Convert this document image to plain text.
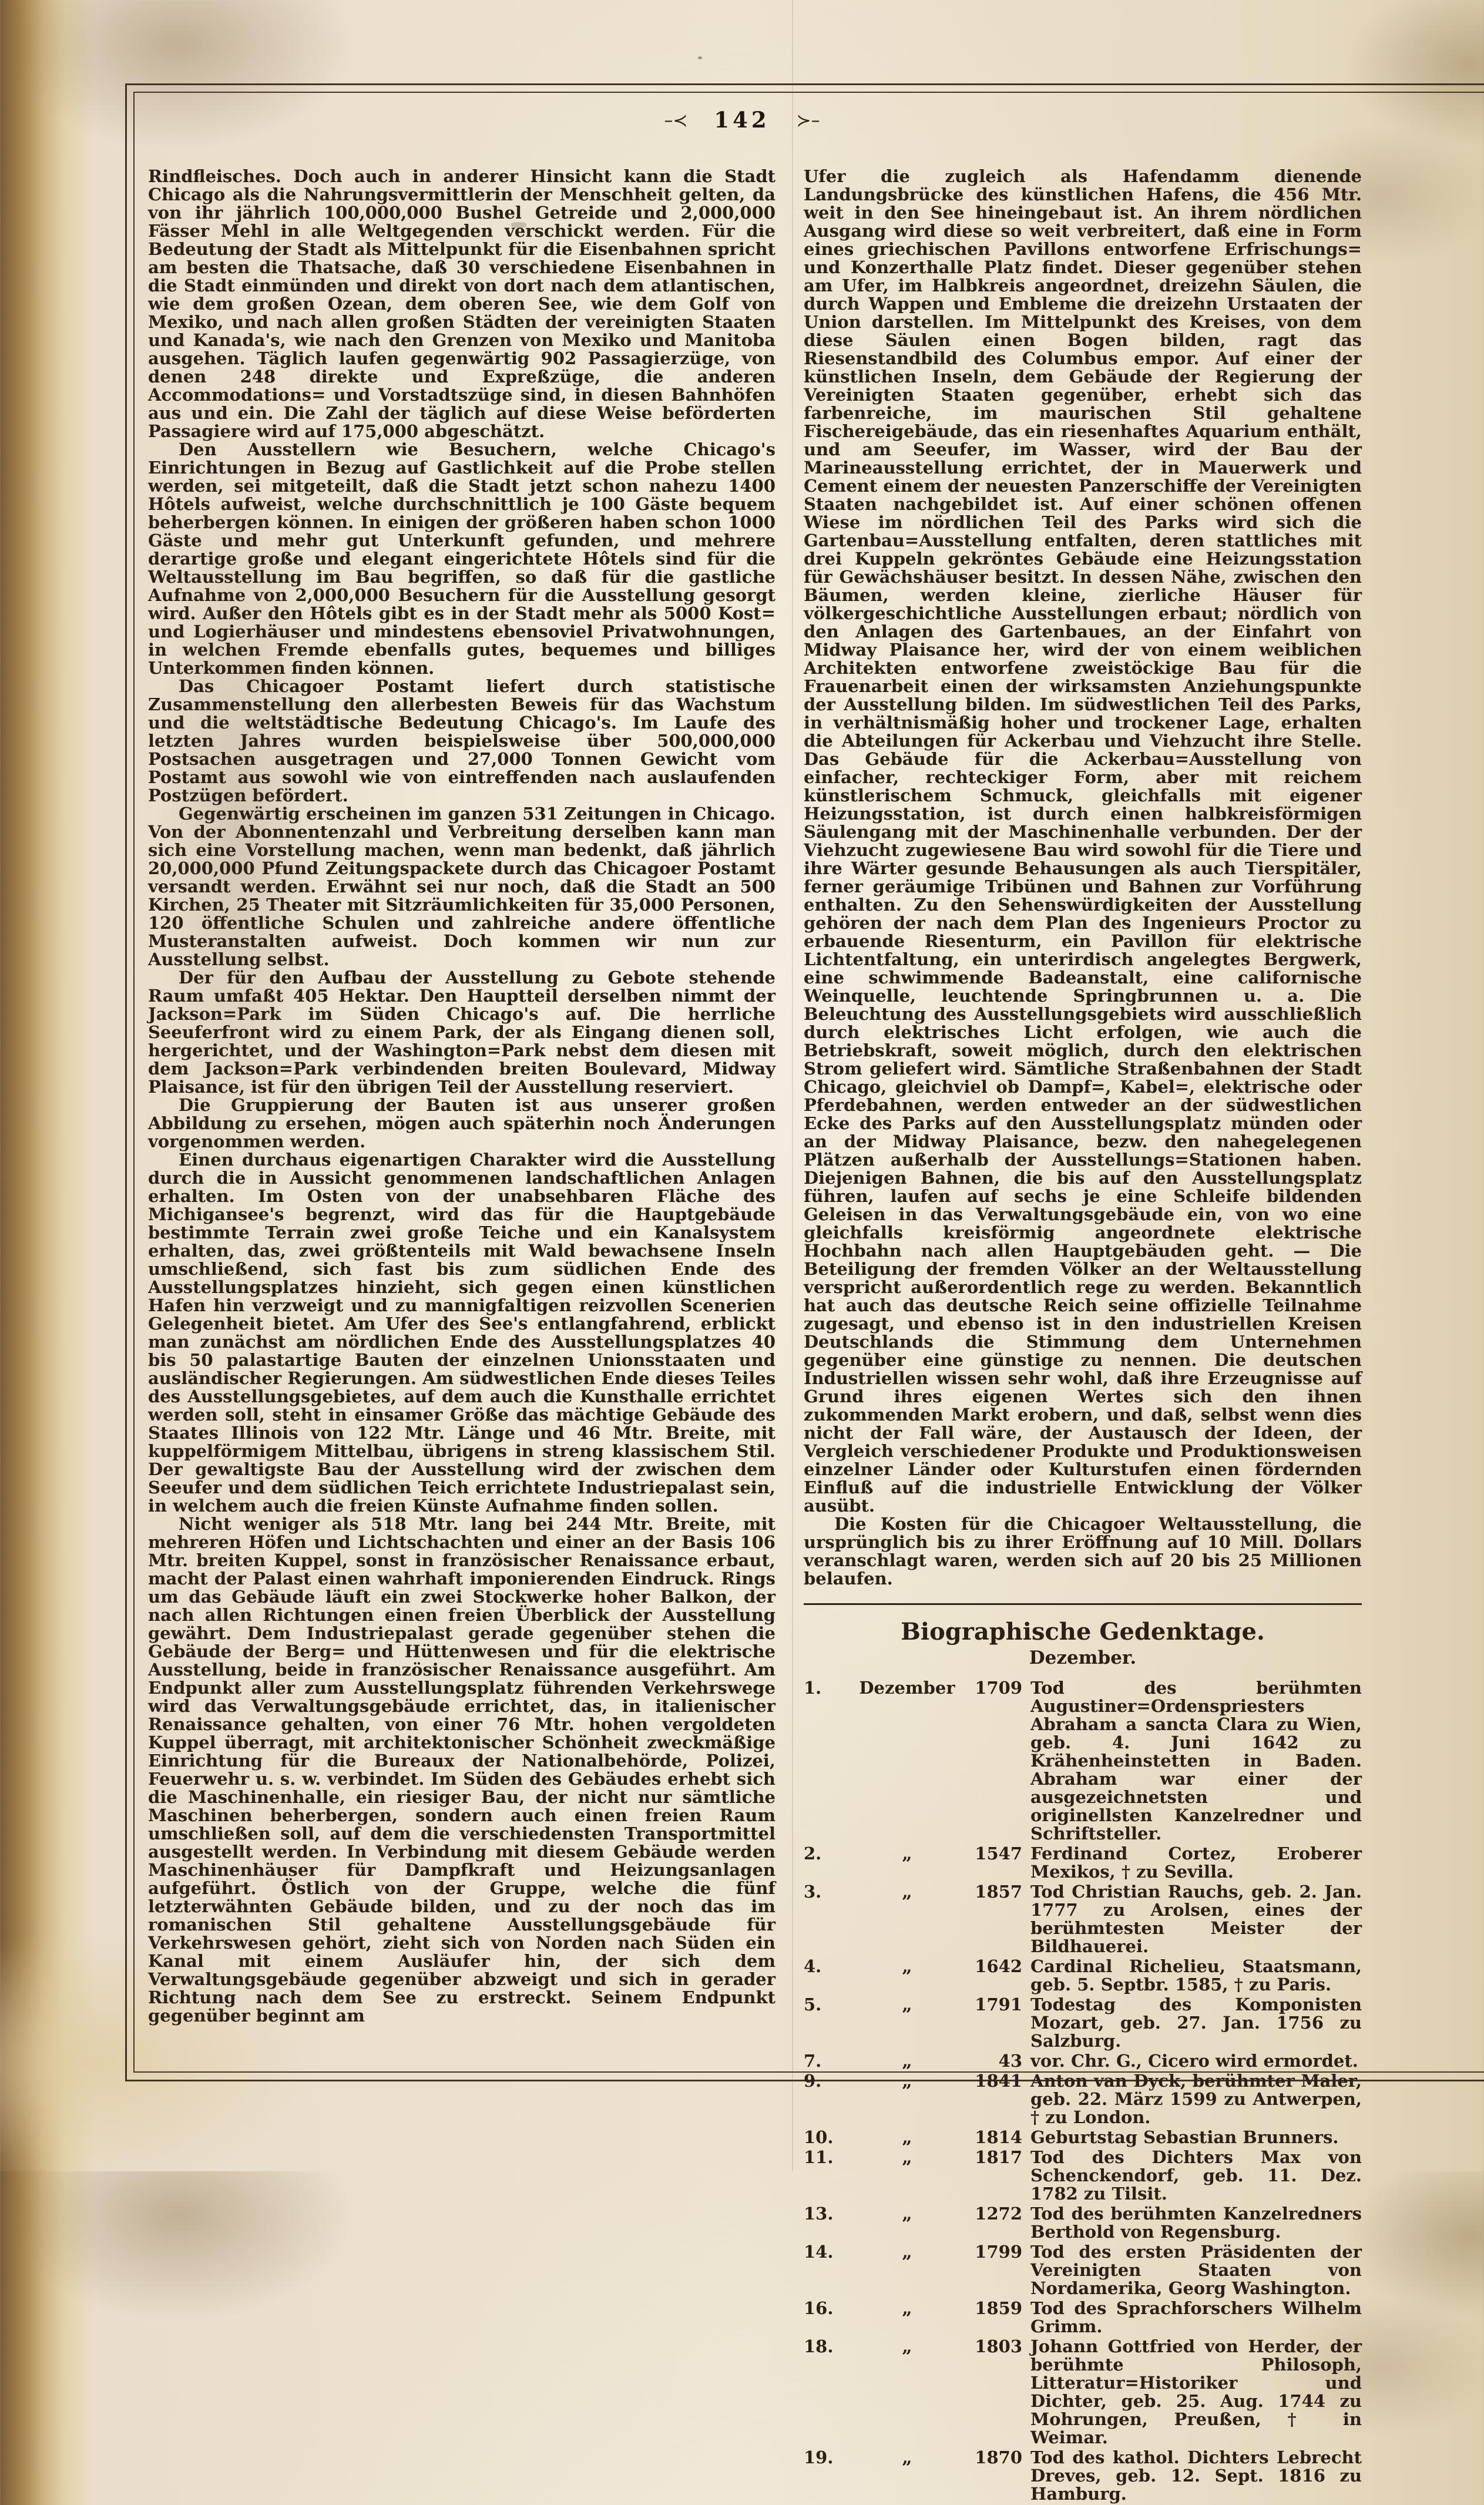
–≺ 142 ≻–

Rindfleisches. Doch auch in anderer Hinsicht kann die Stadt Chicago als die Nahrungsvermittlerin der Menschheit gelten, da von ihr jährlich 100,000,000 Bushel Getreide und 2,000,000 Fässer Mehl in alle Weltgegenden verschickt werden. Für die Bedeutung der Stadt als Mittelpunkt für die Eisenbahnen spricht am besten die Thatsache, daß 30 verschiedene Eisenbahnen in die Stadt einmünden und direkt von dort nach dem atlantischen, wie dem großen Ozean, dem oberen See, wie dem Golf von Mexiko, und nach allen großen Städten der vereinigten Staaten und Kanada's, wie nach den Grenzen von Mexiko und Manitoba ausgehen. Täglich laufen gegenwärtig 902 Passagierzüge, von denen 248 direkte und Expreßzüge, die anderen Accommodations= und Vorstadtszüge sind, in diesen Bahnhöfen aus und ein. Die Zahl der täglich auf diese Weise beförderten Passagiere wird auf 175,000 abgeschätzt.

Den Ausstellern wie Besuchern, welche Chicago's Einrichtungen in Bezug auf Gastlichkeit auf die Probe stellen werden, sei mitgeteilt, daß die Stadt jetzt schon nahezu 1400 Hôtels aufweist, welche durchschnittlich je 100 Gäste bequem beherbergen können. In einigen der größeren haben schon 1000 Gäste und mehr gut Unterkunft gefunden, und mehrere derartige große und elegant eingerichtete Hôtels sind für die Weltausstellung im Bau begriffen, so daß für die gastliche Aufnahme von 2,000,000 Besuchern für die Ausstellung gesorgt wird. Außer den Hôtels gibt es in der Stadt mehr als 5000 Kost= und Logierhäuser und mindestens ebensoviel Privatwohnungen, in welchen Fremde ebenfalls gutes, bequemes und billiges Unterkommen finden können.

Das Chicagoer Postamt liefert durch statistische Zusammenstellung den allerbesten Beweis für das Wachstum und die weltstädtische Bedeutung Chicago's. Im Laufe des letzten Jahres wurden beispielsweise über 500,000,000 Postsachen ausgetragen und 27,000 Tonnen Gewicht vom Postamt aus sowohl wie von eintreffenden nach auslaufenden Postzügen befördert.

Gegenwärtig erscheinen im ganzen 531 Zeitungen in Chicago. Von der Abonnentenzahl und Verbreitung derselben kann man sich eine Vorstellung machen, wenn man bedenkt, daß jährlich 20,000,000 Pfund Zeitungspackete durch das Chicagoer Postamt versandt werden. Erwähnt sei nur noch, daß die Stadt an 500 Kirchen, 25 Theater mit Sitzräumlichkeiten für 35,000 Personen, 120 öffentliche Schulen und zahlreiche andere öffentliche Musteranstalten aufweist. Doch kommen wir nun zur Ausstellung selbst.

Der für den Aufbau der Ausstellung zu Gebote stehende Raum umfaßt 405 Hektar. Den Hauptteil derselben nimmt der Jackson=Park im Süden Chicago's auf. Die herrliche Seeuferfront wird zu einem Park, der als Eingang dienen soll, hergerichtet, und der Washington=Park nebst dem diesen mit dem Jackson=Park verbindenden breiten Boulevard, Midway Plaisance, ist für den übrigen Teil der Ausstellung reserviert.

Die Gruppierung der Bauten ist aus unserer großen Abbildung zu ersehen, mögen auch späterhin noch Änderungen vorgenommen werden.

Einen durchaus eigenartigen Charakter wird die Ausstellung durch die in Aussicht genommenen landschaftlichen Anlagen erhalten. Im Osten von der unabsehbaren Fläche des Michigansee's begrenzt, wird das für die Hauptgebäude bestimmte Terrain zwei große Teiche und ein Kanalsystem erhalten, das, zwei größtenteils mit Wald bewachsene Inseln umschließend, sich fast bis zum südlichen Ende des Ausstellungsplatzes hinzieht, sich gegen einen künstlichen Hafen hin verzweigt und zu mannigfaltigen reizvollen Scenerien Gelegenheit bietet. Am Ufer des See's entlangfahrend, erblickt man zunächst am nördlichen Ende des Ausstellungsplatzes 40 bis 50 palastartige Bauten der einzelnen Unionsstaaten und ausländischer Regierungen. Am südwestlichen Ende dieses Teiles des Ausstellungsgebietes, auf dem auch die Kunsthalle errichtet werden soll, steht in einsamer Größe das mächtige Gebäude des Staates Illinois von 122 Mtr. Länge und 46 Mtr. Breite, mit kuppelförmigem Mittelbau, übrigens in streng klassischem Stil. Der gewaltigste Bau der Ausstellung wird der zwischen dem Seeufer und dem südlichen Teich errichtete Industriepalast sein, in welchem auch die freien Künste Aufnahme finden sollen.

Nicht weniger als 518 Mtr. lang bei 244 Mtr. Breite, mit mehreren Höfen und Lichtschachten und einer an der Basis 106 Mtr. breiten Kuppel, sonst in französischer Renaissance erbaut, macht der Palast einen wahrhaft imponierenden Eindruck. Rings um das Gebäude läuft ein zwei Stockwerke hoher Balkon, der nach allen Richtungen einen freien Überblick der Ausstellung gewährt. Dem Industriepalast gerade gegenüber stehen die Gebäude der Berg= und Hüttenwesen und für die elektrische Ausstellung, beide in französischer Renaissance ausgeführt. Am Endpunkt aller zum Ausstellungsplatz führenden Verkehrswege wird das Verwaltungsgebäude errichtet, das, in italienischer Renaissance gehalten, von einer 76 Mtr. hohen vergoldeten Kuppel überragt, mit architektonischer Schönheit zweckmäßige Einrichtung für die Bureaux der Nationalbehörde, Polizei, Feuerwehr u. s. w. verbindet. Im Süden des Gebäudes erhebt sich die Maschinenhalle, ein riesiger Bau, der nicht nur sämtliche Maschinen beherbergen, sondern auch einen freien Raum umschließen soll, auf dem die verschiedensten Transportmittel ausgestellt werden. In Verbindung mit diesem Gebäude werden Maschinenhäuser für Dampfkraft und Heizungsanlagen aufgeführt. Östlich von der Gruppe, welche die fünf letzterwähnten Gebäude bilden, und zu der noch das im romanischen Stil gehaltene Ausstellungsgebäude für Verkehrswesen gehört, zieht sich von Norden nach Süden ein Kanal mit einem Ausläufer hin, der sich dem Verwaltungsgebäude gegenüber abzweigt und sich in gerader Richtung nach dem See zu erstreckt. Seinem Endpunkt gegenüber beginnt am

Ufer die zugleich als Hafendamm dienende Landungsbrücke des künstlichen Hafens, die 456 Mtr. weit in den See hineingebaut ist. An ihrem nördlichen Ausgang wird diese so weit verbreitert, daß eine in Form eines griechischen Pavillons entworfene Erfrischungs= und Konzerthalle Platz findet. Dieser gegenüber stehen am Ufer, im Halbkreis angeordnet, dreizehn Säulen, die durch Wappen und Embleme die dreizehn Urstaaten der Union darstellen. Im Mittelpunkt des Kreises, von dem diese Säulen einen Bogen bilden, ragt das Riesenstandbild des Columbus empor. Auf einer der künstlichen Inseln, dem Gebäude der Regierung der Vereinigten Staaten gegenüber, erhebt sich das farbenreiche, im maurischen Stil gehaltene Fischereigebäude, das ein riesenhaftes Aquarium enthält, und am Seeufer, im Wasser, wird der Bau der Marineausstellung errichtet, der in Mauerwerk und Cement einem der neuesten Panzerschiffe der Vereinigten Staaten nachgebildet ist. Auf einer schönen offenen Wiese im nördlichen Teil des Parks wird sich die Gartenbau=Ausstellung entfalten, deren stattliches mit drei Kuppeln gekröntes Gebäude eine Heizungsstation für Gewächshäuser besitzt. In dessen Nähe, zwischen den Bäumen, werden kleine, zierliche Häuser für völkergeschichtliche Ausstellungen erbaut; nördlich von den Anlagen des Gartenbaues, an der Einfahrt von Midway Plaisance her, wird der von einem weiblichen Architekten entworfene zweistöckige Bau für die Frauenarbeit einen der wirksamsten Anziehungspunkte der Ausstellung bilden. Im südwestlichen Teil des Parks, in verhältnismäßig hoher und trockener Lage, erhalten die Abteilungen für Ackerbau und Viehzucht ihre Stelle. Das Gebäude für die Ackerbau=Ausstellung von einfacher, rechteckiger Form, aber mit reichem künstlerischem Schmuck, gleichfalls mit eigener Heizungsstation, ist durch einen halbkreisförmigen Säulengang mit der Maschinenhalle verbunden. Der der Viehzucht zugewiesene Bau wird sowohl für die Tiere und ihre Wärter gesunde Behausungen als auch Tierspitäler, ferner geräumige Tribünen und Bahnen zur Vorführung enthalten. Zu den Sehenswürdigkeiten der Ausstellung gehören der nach dem Plan des Ingenieurs Proctor zu erbauende Riesenturm, ein Pavillon für elektrische Lichtentfaltung, ein unterirdisch angelegtes Bergwerk, eine schwimmende Badeanstalt, eine californische Weinquelle, leuchtende Springbrunnen u. a. Die Beleuchtung des Ausstellungsgebiets wird ausschließlich durch elektrisches Licht erfolgen, wie auch die Betriebskraft, soweit möglich, durch den elektrischen Strom geliefert wird. Sämtliche Straßenbahnen der Stadt Chicago, gleichviel ob Dampf=, Kabel=, elektrische oder Pferdebahnen, werden entweder an der südwestlichen Ecke des Parks auf den Ausstellungsplatz münden oder an der Midway Plaisance, bezw. den nahegelegenen Plätzen außerhalb der Ausstellungs=Stationen haben. Diejenigen Bahnen, die bis auf den Ausstellungsplatz führen, laufen auf sechs je eine Schleife bildenden Geleisen in das Verwaltungsgebäude ein, von wo eine gleichfalls kreisförmig angeordnete elektrische Hochbahn nach allen Hauptgebäuden geht. — Die Beteiligung der fremden Völker an der Weltausstellung verspricht außerordentlich rege zu werden. Bekanntlich hat auch das deutsche Reich seine offizielle Teilnahme zugesagt, und ebenso ist in den industriellen Kreisen Deutschlands die Stimmung dem Unternehmen gegenüber eine günstige zu nennen. Die deutschen Industriellen wissen sehr wohl, daß ihre Erzeugnisse auf Grund ihres eigenen Wertes sich den ihnen zukommenden Markt erobern, und daß, selbst wenn dies nicht der Fall wäre, der Austausch der Ideen, der Vergleich verschiedener Produkte und Produktionsweisen einzelner Länder oder Kulturstufen einen fördernden Einfluß auf die industrielle Entwicklung der Völker ausübt.

Die Kosten für die Chicagoer Weltausstellung, die ursprünglich bis zu ihrer Eröffnung auf 10 Mill. Dollars veranschlagt waren, werden sich auf 20 bis 25 Millionen belaufen.

Biographische Gedenktage.
Dezember.
1.	Dezember	1709 Tod des berühmten Augustiner=Ordenspriesters Abraham a sancta Clara zu Wien, geb. 4. Juni 1642 zu Krähenheinstetten in Baden. Abraham war einer der ausgezeichnetsten und originellsten Kanzelredner und Schriftsteller.
2.	„	1547 Ferdinand Cortez, Eroberer Mexikos, † zu Sevilla.
3.	„	1857 Tod Christian Rauchs, geb. 2. Jan. 1777 zu Arolsen, eines der berühmtesten Meister der Bildhauerei.
4.	„	1642 Cardinal Richelieu, Staatsmann, geb. 5. Septbr. 1585, † zu Paris.
5.	„	1791 Todestag des Komponisten Mozart, geb. 27. Jan. 1756 zu Salzburg.
7.	„	43 vor. Chr. G., Cicero wird ermordet.
9.	„	1841 Anton van Dyck, berühmter Maler, geb. 22. März 1599 zu Antwerpen, † zu London.
10.	„	1814 Geburtstag Sebastian Brunners.
11.	„	1817 Tod des Dichters Max von Schenckendorf, geb. 11. Dez. 1782 zu Tilsit.
13.	„	1272 Tod des berühmten Kanzelredners Berthold von Regensburg.
14.	„	1799 Tod des ersten Präsidenten der Vereinigten Staaten von Nordamerika, Georg Washington.
16.	„	1859 Tod des Sprachforschers Wilhelm Grimm.
18.	„	1803 Johann Gottfried von Herder, der berühmte Philosoph, Litteratur=Historiker und Dichter, geb. 25. Aug. 1744 zu Mohrungen, Preußen, † in Weimar.
19.	„	1870 Tod des kathol. Dichters Lebrecht Dreves, geb. 12. Sept. 1816 zu Hamburg.
